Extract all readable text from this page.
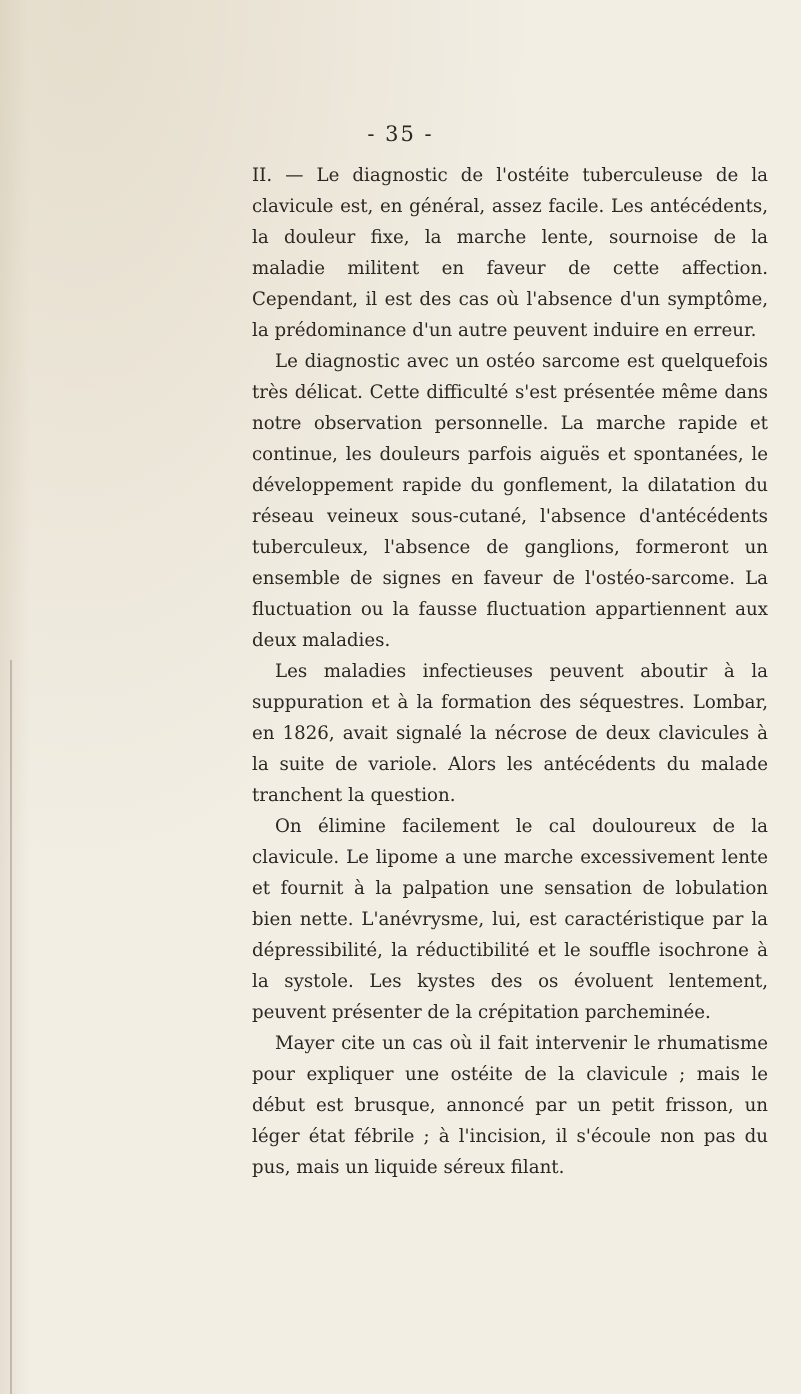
- 35 -

II. — Le diagnostic de l'ostéite tuberculeuse de la clavicule est, en général, assez facile. Les antécédents, la douleur fixe, la marche lente, sournoise de la maladie militent en faveur de cette affection. Cependant, il est des cas où l'absence d'un symptôme, la prédominance d'un autre peuvent induire en erreur.

Le diagnostic avec un ostéo sarcome est quelquefois très délicat. Cette difficulté s'est présentée même dans notre observation personnelle. La marche rapide et continue, les douleurs parfois aiguës et spontanées, le développement rapide du gonflement, la dilatation du réseau veineux sous-cutané, l'absence d'antécédents tuberculeux, l'absence de ganglions, formeront un ensemble de signes en faveur de l'ostéo-sarcome. La fluctuation ou la fausse fluctuation appartiennent aux deux maladies.

Les maladies infectieuses peuvent aboutir à la suppuration et à la formation des séquestres. Lombar, en 1826, avait signalé la nécrose de deux clavicules à la suite de variole. Alors les antécédents du malade tranchent la question.

On élimine facilement le cal douloureux de la clavicule. Le lipome a une marche excessivement lente et fournit à la palpation une sensation de lobulation bien nette. L'anévrysme, lui, est caractéristique par la dépressibilité, la réductibilité et le souffle isochrone à la systole. Les kystes des os évoluent lentement, peuvent présenter de la crépitation parcheminée.

Mayer cite un cas où il fait intervenir le rhumatisme pour expliquer une ostéite de la clavicule ; mais le début est brusque, annoncé par un petit frisson, un léger état fébrile ; à l'incision, il s'écoule non pas du pus, mais un liquide séreux filant.
